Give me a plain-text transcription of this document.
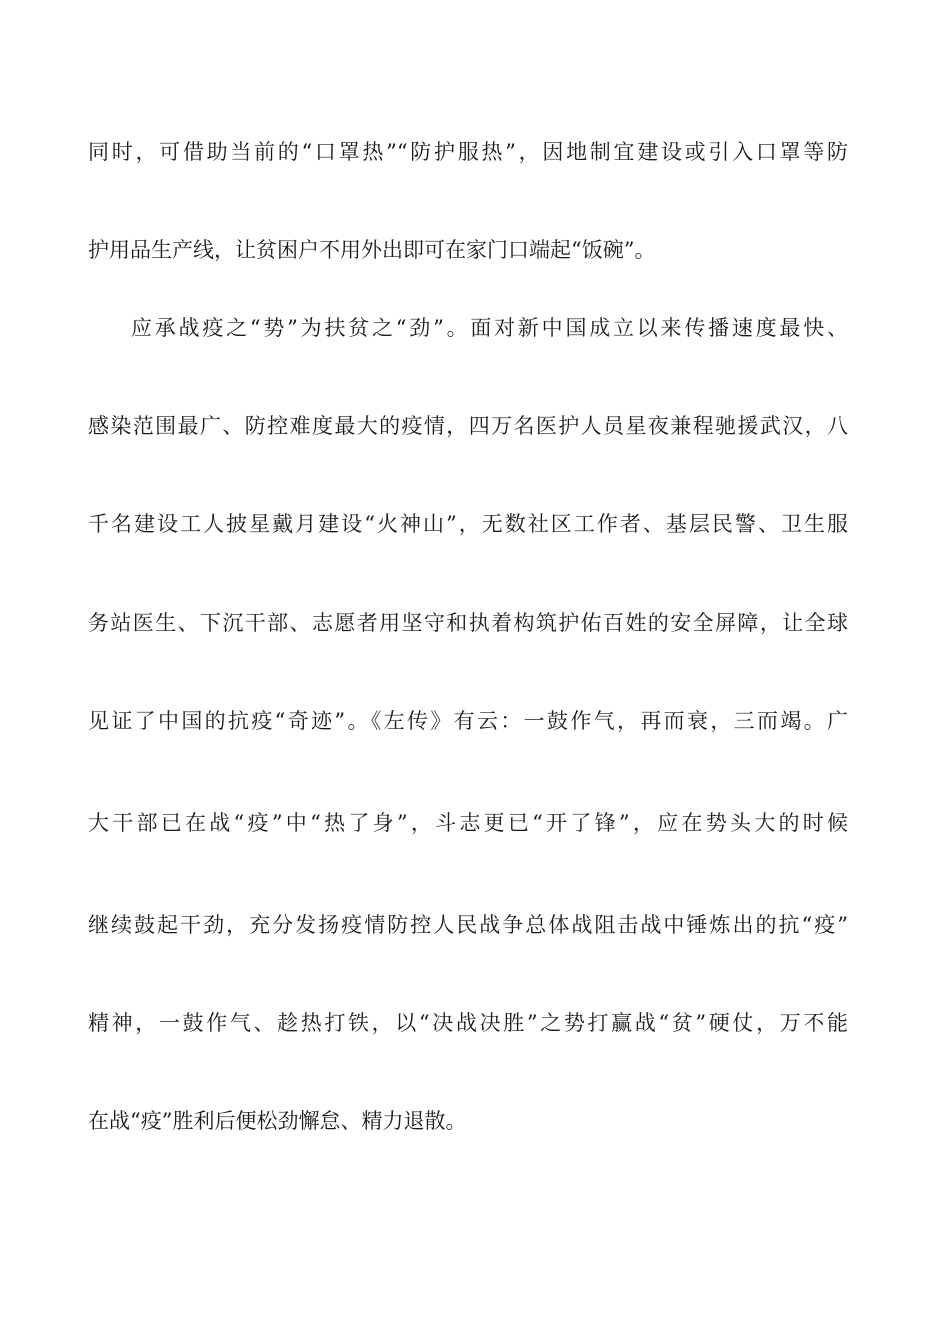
同时，可借助当前的“口罩热”“防护服热”，因地制宜建设或引入口罩等防
护用品生产线，让贫困户不用外出即可在家门口端起“饭碗”。
应承战疫之“势”为扶贫之“劲”。面对新中国成立以来传播速度最快、
感染范围最广、防控难度最大的疫情，四万名医护人员星夜兼程驰援武汉，八
千名建设工人披星戴月建设“火神山”，无数社区工作者、基层民警、卫生服
务站医生、下沉干部、志愿者用坚守和执着构筑护佑百姓的安全屏障，让全球
见证了中国的抗疫“奇迹”。《左传》有云：一鼓作气，再而衰，三而竭。广
大干部已在战“疫”中“热了身”，斗志更已“开了锋”，应在势头大的时候
继续鼓起干劲，充分发扬疫情防控人民战争总体战阻击战中锤炼出的抗“疫”
精神，一鼓作气、趁热打铁，以“决战决胜”之势打赢战“贫”硬仗，万不能
在战“疫”胜利后便松劲懈怠、精力退散。
